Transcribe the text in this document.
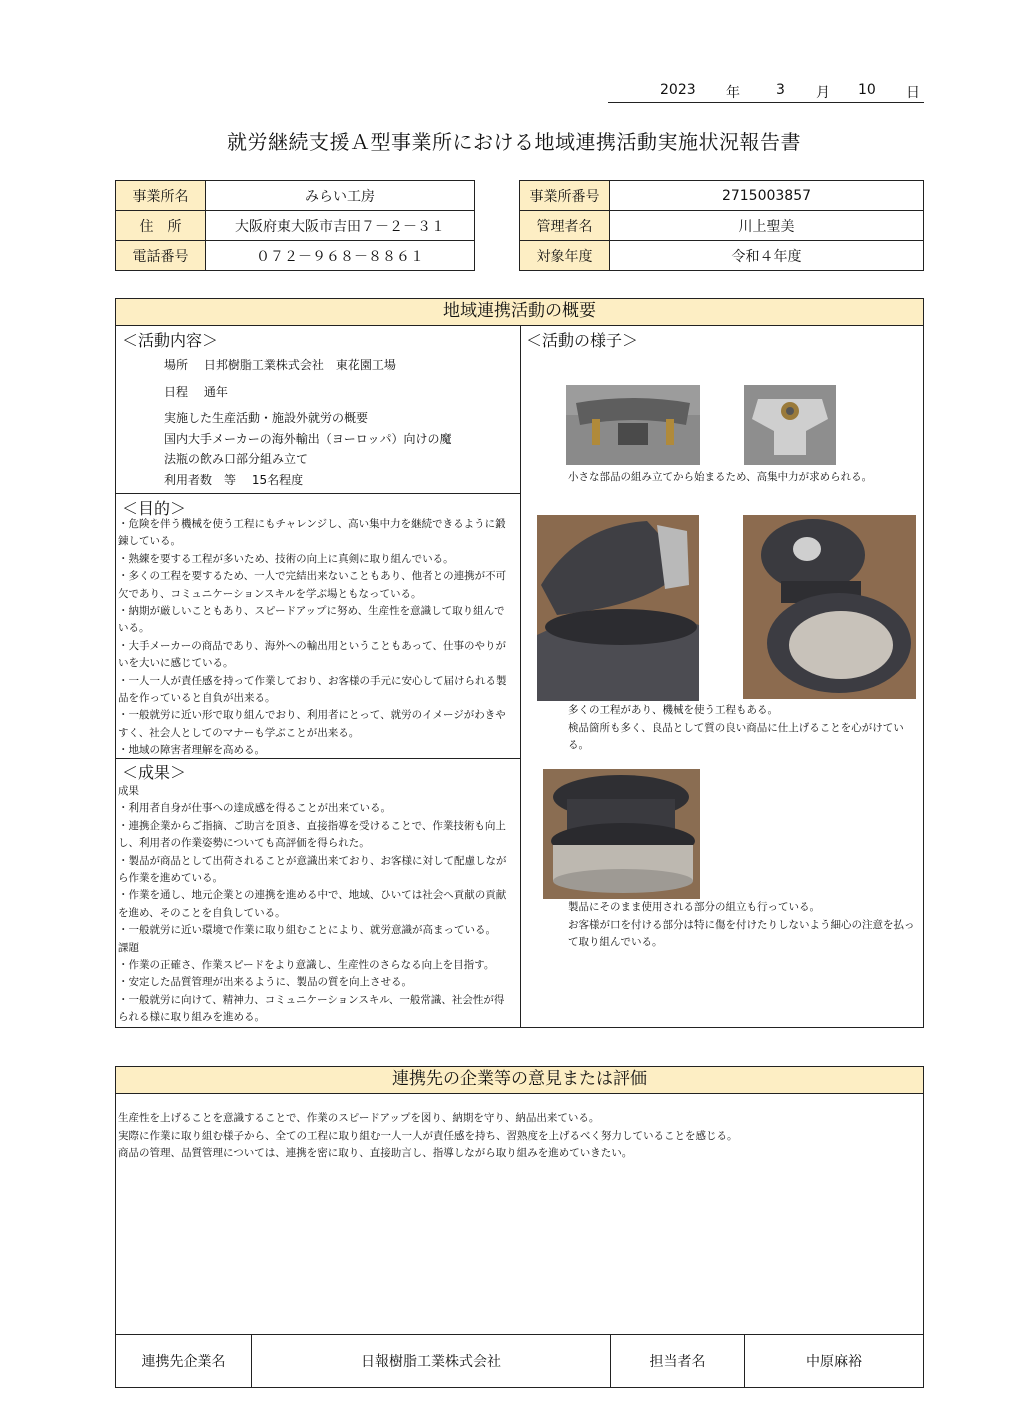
2023 年	3 月 10 日
就労継続支援Ａ型事業所における地域連携活動実施状況報告書
事業所名	みらい工房
住　所	大阪府東大阪市吉田７－２－３１
電話番号	０７２－９６８－８８６１
事業所番号	2715003857
管理者名	川上聖美
対象年度	令和４年度
地域連携活動の概要
＜活動内容＞
場所　 日邦樹脂工業株式会社　東花園工場
日程　 通年
実施した生産活動・施設外就労の概要
国内大手メーカーの海外輸出（ヨーロッパ）向けの魔
法瓶の飲み口部分組み立て
利用者数　等　 15名程度
＜目的＞
・危険を伴う機械を使う工程にもチャレンジし、高い集中力を継続できるように鍛
錬している。
・熟練を要する工程が多いため、技術の向上に真剣に取り組んでいる。
・多くの工程を要するため、一人で完結出来ないこともあり、他者との連携が不可
欠であり、コミュニケーションスキルを学ぶ場ともなっている。
・納期が厳しいこともあり、スピードアップに努め、生産性を意識して取り組んで
いる。
・大手メーカーの商品であり、海外への輸出用ということもあって、仕事のやりが
いを大いに感じている。
・一人一人が責任感を持って作業しており、お客様の手元に安心して届けられる製
品を作っていると自負が出来る。
・一般就労に近い形で取り組んでおり、利用者にとって、就労のイメージがわきや
すく、社会人としてのマナーも学ぶことが出来る。
・地域の障害者理解を高める。
＜成果＞
成果
・利用者自身が仕事への達成感を得ることが出来ている。
・連携企業からご指摘、ご助言を頂き、直接指導を受けることで、作業技術も向上
し、利用者の作業姿勢についても高評価を得られた。
・製品が商品として出荷されることが意識出来ており、お客様に対して配慮しなが
ら作業を進めている。
・作業を通し、地元企業との連携を進める中で、地域、ひいては社会へ貢献の貢献
を進め、そのことを自負している。
・一般就労に近い環境で作業に取り組むことにより、就労意識が高まっている。
課題
・作業の正確さ、作業スピードをより意識し、生産性のさらなる向上を目指す。
・安定した品質管理が出来るように、製品の質を向上させる。
・一般就労に向けて、精神力、コミュニケーションスキル、一般常識、社会性が得
られる様に取り組みを進める。
＜活動の様子＞
小さな部品の組み立てから始まるため、高集中力が求められる。
多くの工程があり、機械を使う工程もある。
検品箇所も多く、良品として質の良い商品に仕上げることを心がけてい
る。
製品にそのまま使用される部分の組立も行っている。
お客様が口を付ける部分は特に傷を付けたりしないよう細心の注意を払っ
て取り組んでいる。
連携先の企業等の意見または評価
生産性を上げることを意識することで、作業のスピードアップを図り、納期を守り、納品出来ている。
実際に作業に取り組む様子から、全ての工程に取り組む一人一人が責任感を持ち、習熟度を上げるべく努力していることを感じる。
商品の管理、品質管理については、連携を密に取り、直接助言し、指導しながら取り組みを進めていきたい。
連携先企業名	日報樹脂工業株式会社	担当者名	中原麻裕
